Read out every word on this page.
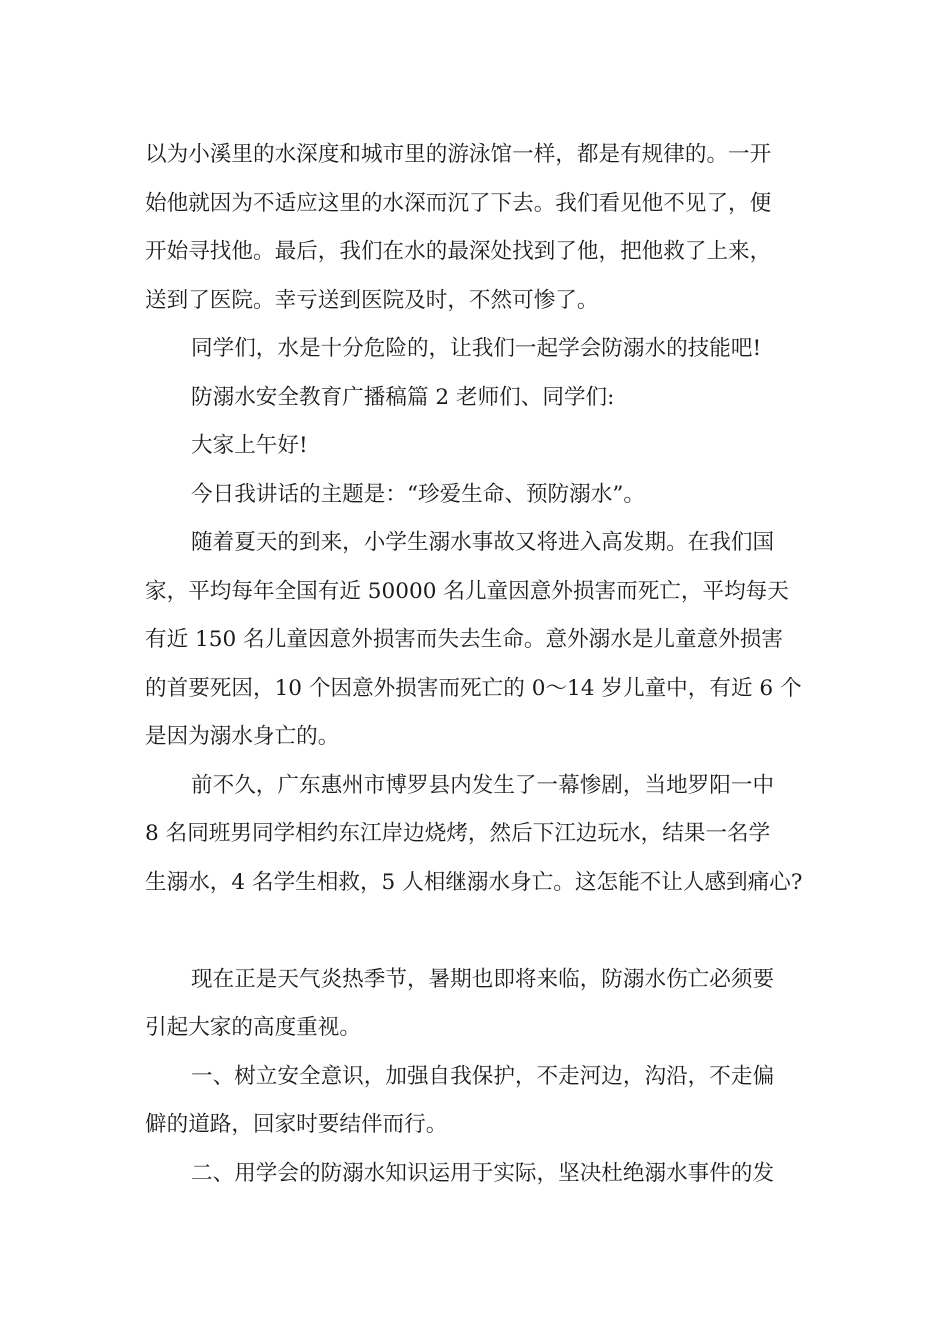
以为小溪里的水深度和城市里的游泳馆一样，都是有规律的。一开
始他就因为不适应这里的水深而沉了下去。我们看见他不见了，便
开始寻找他。最后，我们在水的最深处找到了他，把他救了上来，
送到了医院。幸亏送到医院及时，不然可惨了。
同学们，水是十分危险的，让我们一起学会防溺水的技能吧!
防溺水安全教育广播稿篇 2 老师们、同学们:
大家上午好!
今日我讲话的主题是：“珍爱生命、预防溺水”。
随着夏天的到来，小学生溺水事故又将进入高发期。在我们国
家，平均每年全国有近 50000 名儿童因意外损害而死亡，平均每天
有近 150 名儿童因意外损害而失去生命。意外溺水是儿童意外损害
的首要死因，10 个因意外损害而死亡的 0～14 岁儿童中，有近 6 个
是因为溺水身亡的。
前不久，广东惠州市博罗县内发生了一幕惨剧，当地罗阳一中
8 名同班男同学相约东江岸边烧烤，然后下江边玩水，结果一名学
生溺水，4 名学生相救，5 人相继溺水身亡。这怎能不让人感到痛心?
现在正是天气炎热季节，暑期也即将来临，防溺水伤亡必须要
引起大家的高度重视。
一、树立安全意识，加强自我保护，不走河边，沟沿，不走偏
僻的道路，回家时要结伴而行。
二、用学会的防溺水知识运用于实际，坚决杜绝溺水事件的发
